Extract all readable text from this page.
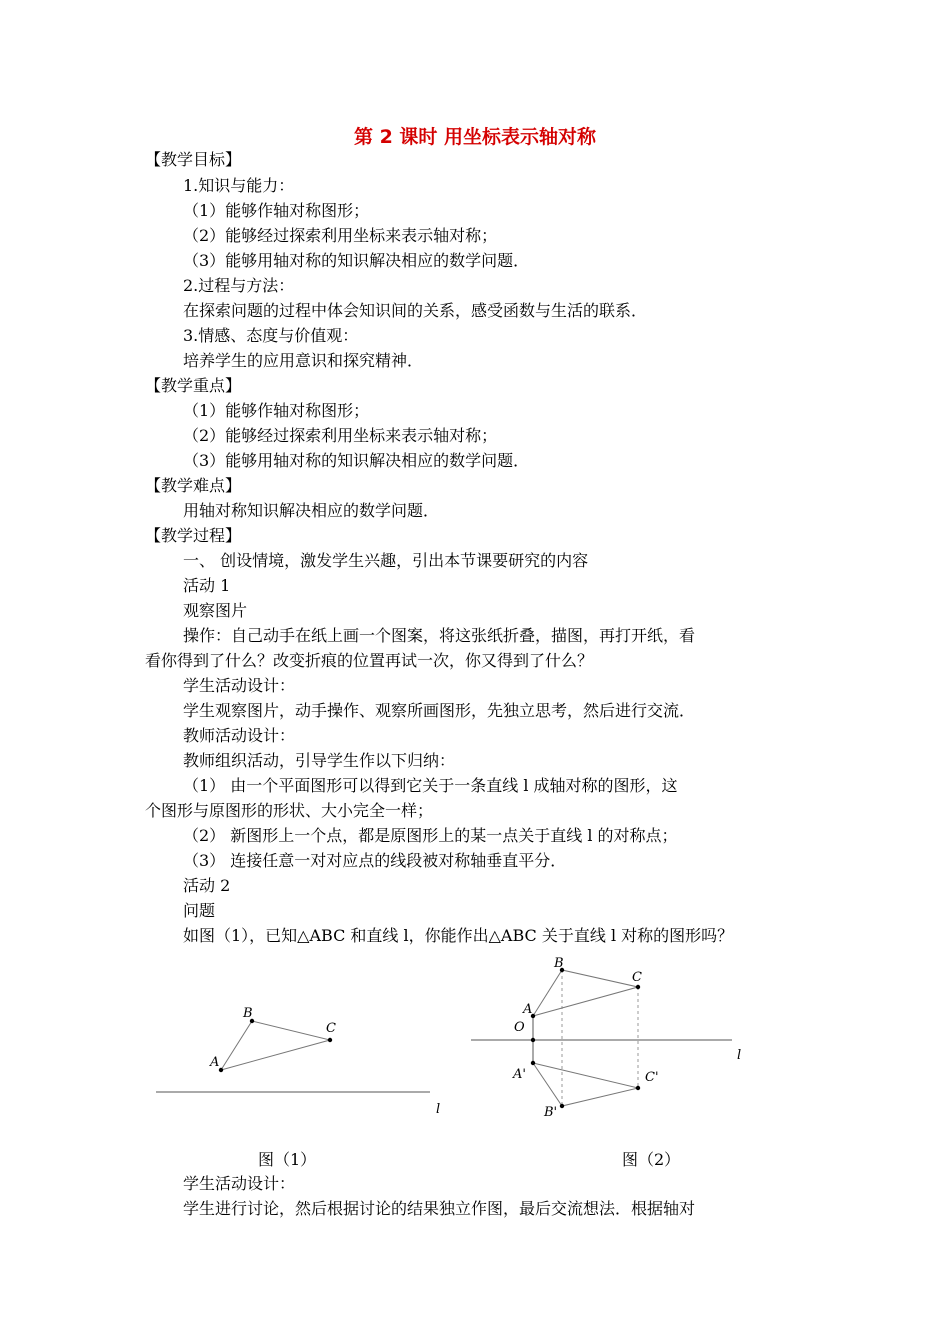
第 2 课时 用坐标表示轴对称
【教学目标】
1.知识与能力：
（1）能够作轴对称图形；
（2）能够经过探索利用坐标来表示轴对称；
（3）能够用轴对称的知识解决相应的数学问题．
2.过程与方法：
在探索问题的过程中体会知识间的关系，感受函数与生活的联系．
3.情感、态度与价值观：
培养学生的应用意识和探究精神．
【教学重点】
（1）能够作轴对称图形；
（2）能够经过探索利用坐标来表示轴对称；
（3）能够用轴对称的知识解决相应的数学问题．
【教学难点】
用轴对称知识解决相应的数学问题．
【教学过程】
一、 创设情境，激发学生兴趣，引出本节课要研究的内容
活动 1
观察图片
操作：自己动手在纸上画一个图案，将这张纸折叠，描图，再打开纸，看
看你得到了什么？改变折痕的位置再试一次，你又得到了什么？
学生活动设计：
学生观察图片，动手操作、观察所画图形，先独立思考，然后进行交流．
教师活动设计：
教师组织活动，引导学生作以下归纳：
（1） 由一个平面图形可以得到它关于一条直线 l 成轴对称的图形，这
个图形与原图形的形状、大小完全一样；
（2） 新图形上一个点，都是原图形上的某一点关于直线 l 的对称点；
（3） 连接任意一对对应点的线段被对称轴垂直平分．
活动 2
问题
如图（1），已知△ABC 和直线 l，你能作出△ABC 关于直线 l 对称的图形吗？
A
B
C
l
A
B
C
O
A'
B'
C'
l
图（1）	图（2）
学生活动设计：
学生进行讨论，然后根据讨论的结果独立作图，最后交流想法．根据轴对
